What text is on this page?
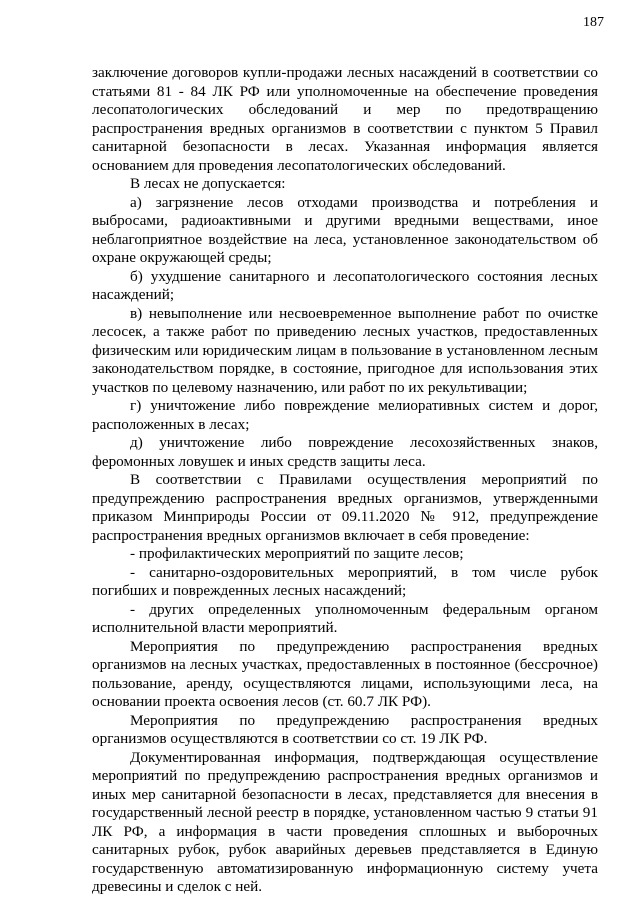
187

заключение договоров купли-продажи лесных насаждений в соответствии со статьями 81 - 84 ЛК РФ или уполномоченные на обеспечение проведения лесопатологических обследований и мер по предотвращению распространения вредных организмов в соответствии с пунктом 5 Правил санитарной безопасности в лесах. Указанная информация является основанием для проведения лесопатологических обследований.

В лесах не допускается:

а) загрязнение лесов отходами производства и потребления и выбросами, радиоактивными и другими вредными веществами, иное неблагоприятное воздействие на леса, установленное законодательством об охране окружающей среды;

б) ухудшение санитарного и лесопатологического состояния лесных насаждений;

в) невыполнение или несвоевременное выполнение работ по очистке лесосек, а также работ по приведению лесных участков, предоставленных физическим или юридическим лицам в пользование в установленном лесным законодательством порядке, в состояние, пригодное для использования этих участков по целевому назначению, или работ по их рекультивации;

г) уничтожение либо повреждение мелиоративных систем и дорог, расположенных в лесах;

д) уничтожение либо повреждение лесохозяйственных знаков, феромонных ловушек и иных средств защиты леса.

В соответствии с Правилами осуществления мероприятий по предупреждению распространения вредных организмов, утвержденными приказом Минприроды России от 09.11.2020 № 912, предупреждение распространения вредных организмов включает в себя проведение:

- профилактических мероприятий по защите лесов;

- санитарно-оздоровительных мероприятий, в том числе рубок погибших и поврежденных лесных насаждений;

- других определенных уполномоченным федеральным органом исполнительной власти мероприятий.

Мероприятия по предупреждению распространения вредных организмов на лесных участках, предоставленных в постоянное (бессрочное) пользование, аренду, осуществляются лицами, использующими леса, на основании проекта освоения лесов (ст. 60.7 ЛК РФ).

Мероприятия по предупреждению распространения вредных организмов осуществляются в соответствии со ст. 19 ЛК РФ.

Документированная информация, подтверждающая осуществление мероприятий по предупреждению распространения вредных организмов и иных мер санитарной безопасности в лесах, представляется для внесения в государственный лесной реестр в порядке, установленном частью 9 статьи 91 ЛК РФ, а информация в части проведения сплошных и выборочных санитарных рубок, рубок аварийных деревьев представляется в Единую государственную автоматизированную информационную систему учета древесины и сделок с ней.
